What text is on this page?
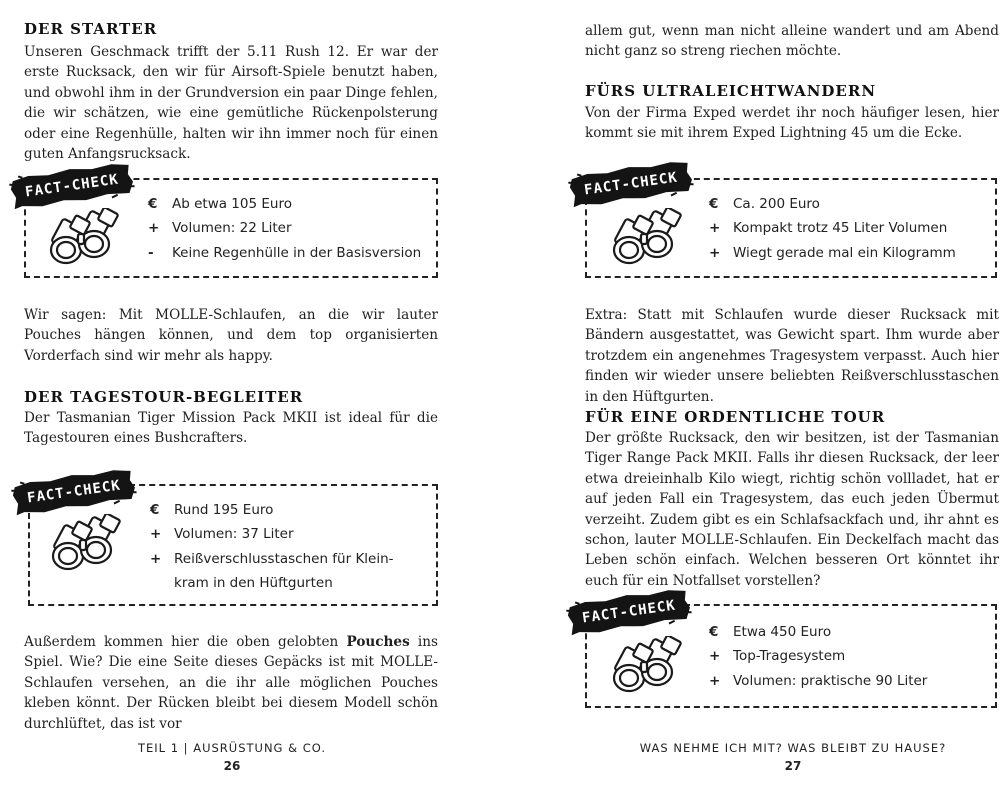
DER STARTER

Unseren Geschmack trifft der 5.11 Rush 12. Er war der erste Rucksack, den wir für Airsoft-Spiele benutzt haben, und obwohl ihm in der Grundversion ein paar Dinge fehlen, die wir schätzen, wie eine gemütliche Rückenpolsterung oder eine Regenhülle, halten wir ihn immer noch für einen guten Anfangsrucksack.

FACT-CHECK
€	Ab etwa 105 Euro
+ Volumen: 22 Liter
-	Keine Regenhülle in der Basisversion

Wir sagen: Mit MOLLE-Schlaufen, an die wir lauter Pouches hängen können, und dem top organisierten Vorderfach sind wir mehr als happy.

DER TAGESTOUR-BEGLEITER

Der Tasmanian Tiger Mission Pack MKII ist ideal für die Tagestouren eines Bushcrafters.

FACT-CHECK
€	Rund 195 Euro
+ Volumen: 37 Liter
+ Reißverschlusstaschen für Kleinkram in den Hüftgurten

Außerdem kommen hier die oben gelobten Pouches ins Spiel. Wie? Die eine Seite dieses Gepäcks ist mit MOLLE-Schlaufen versehen, an die ihr alle möglichen Pouches kleben könnt. Der Rücken bleibt bei diesem Modell schön durchlüftet, das ist vor

TEIL 1 | AUSRÜSTUNG & CO.
26

allem gut, wenn man nicht alleine wandert und am Abend nicht ganz so streng riechen möchte.

FÜRS ULTRALEICHTWANDERN

Von der Firma Exped werdet ihr noch häufiger lesen, hier kommt sie mit ihrem Exped Lightning 45 um die Ecke.

FACT-CHECK
€	Ca. 200 Euro
+ Kompakt trotz 45 Liter Volumen
+ Wiegt gerade mal ein Kilogramm

Extra: Statt mit Schlaufen wurde dieser Rucksack mit Bändern ausgestattet, was Gewicht spart. Ihm wurde aber trotzdem ein angenehmes Tragesystem verpasst. Auch hier finden wir wieder unsere beliebten Reißverschlusstaschen in den Hüftgurten.

FÜR EINE ORDENTLICHE TOUR

Der größte Rucksack, den wir besitzen, ist der Tasmanian Tiger Range Pack MKII. Falls ihr diesen Rucksack, der leer etwa dreieinhalb Kilo wiegt, richtig schön vollladet, hat er auf jeden Fall ein Tragesystem, das euch jeden Übermut verzeiht. Zudem gibt es ein Schlafsackfach und, ihr ahnt es schon, lauter MOLLE-Schlaufen. Ein Deckelfach macht das Leben schön einfach. Welchen besseren Ort könntet ihr euch für ein Notfallset vorstellen?

FACT-CHECK
€	Etwa 450 Euro
+ Top-Tragesystem
+ Volumen: praktische 90 Liter
WAS NEHME ICH MIT? WAS BLEIBT ZU HAUSE?
27
